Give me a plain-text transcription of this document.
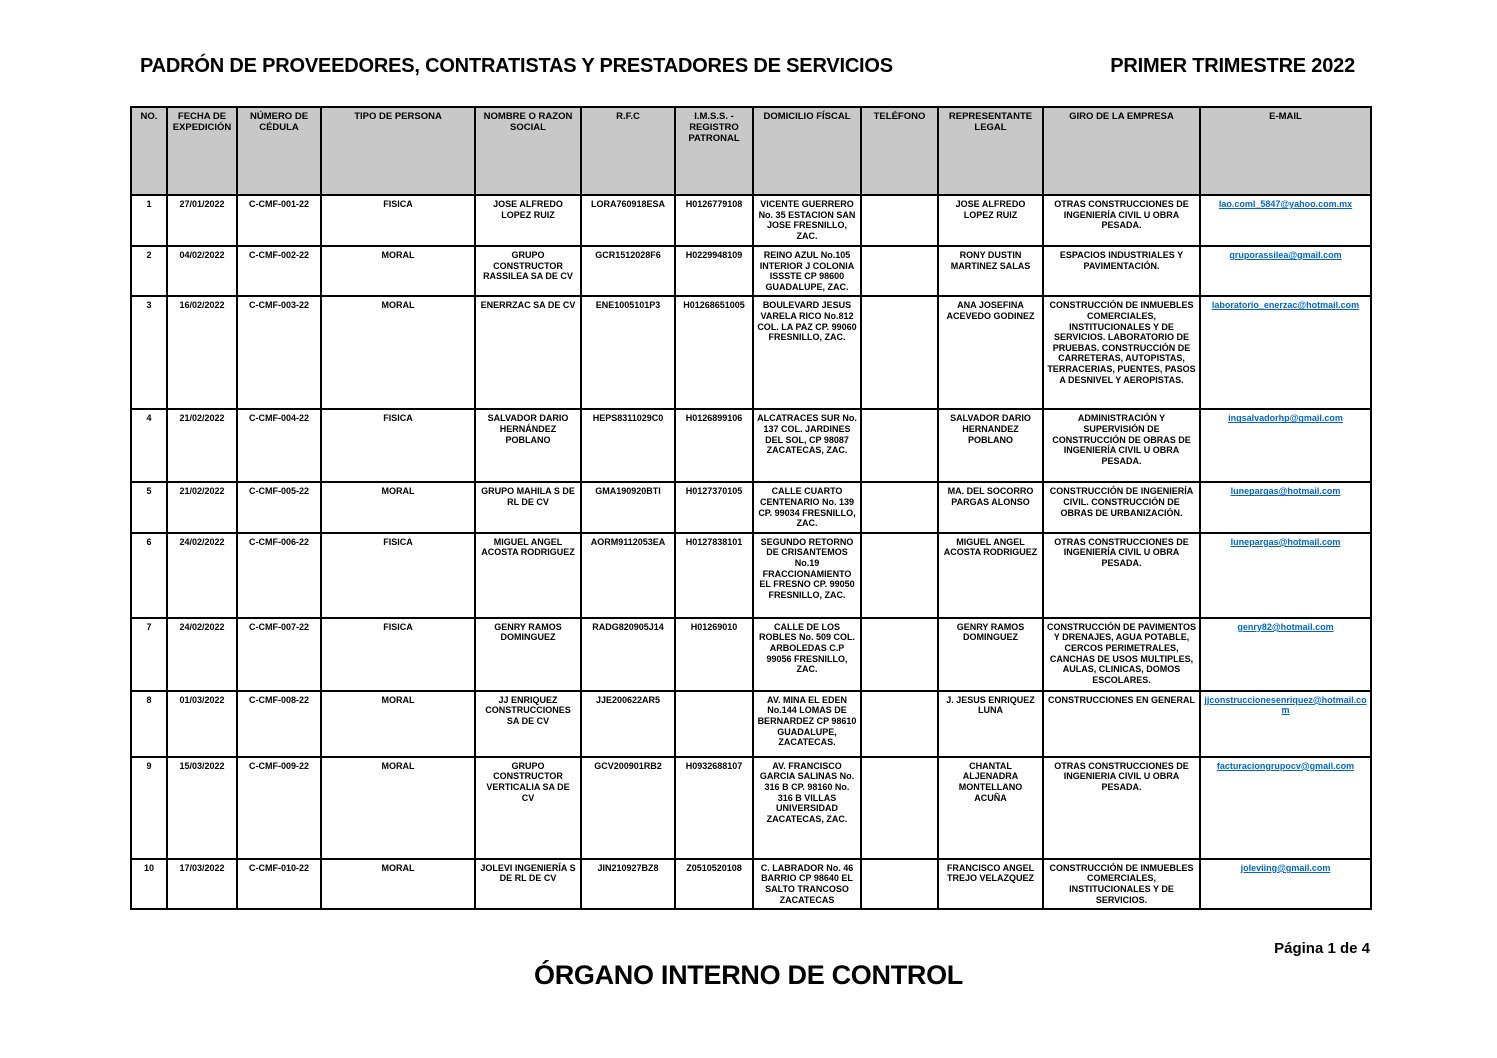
PADRÓN DE PROVEEDORES, CONTRATISTAS Y PRESTADORES DE SERVICIOS	PRIMER TRIMESTRE 2022
NO.	FECHA DE EXPEDICIÓN	NÚMERO DE CÉDULA	TIPO DE PERSONA	NOMBRE O RAZON SOCIAL	R.F.C	I.M.S.S. - REGISTRO PATRONAL	DOMICILIO FÍSCAL	TELÉFONO	REPRESENTANTE LEGAL	GIRO DE LA EMPRESA	E-MAIL
1	27/01/2022	C-CMF-001-22	FISICA	JOSE ALFREDO LOPEZ RUIZ	LORA760918ESA	H0126779108	VICENTE GUERRERO No. 35 ESTACION SAN JOSE FRESNILLO, ZAC.		JOSE ALFREDO LOPEZ RUIZ	OTRAS CONSTRUCCIONES DE INGENIERÍA CIVIL U OBRA PESADA.	lao.coml_5847@yahoo.com.mx
2	04/02/2022	C-CMF-002-22	MORAL	GRUPO CONSTRUCTOR RASSILEA SA DE CV	GCR1512028F6	H0229948109	REINO AZUL No.105 INTERIOR J COLONIA ISSSTE CP 98600 GUADALUPE, ZAC.		RONY DUSTIN MARTINEZ SALAS	ESPACIOS INDUSTRIALES Y PAVIMENTACIÓN.	gruporassilea@gmail.com
3	16/02/2022	C-CMF-003-22	MORAL	ENERRZAC SA DE CV	ENE1005101P3	H01268651005	BOULEVARD JESUS VARELA RICO No.812 COL. LA PAZ CP. 99060 FRESNILLO, ZAC.		ANA JOSEFINA ACEVEDO GODINEZ	CONSTRUCCIÓN DE INMUEBLES COMERCIALES, INSTITUCIONALES Y DE SERVICIOS. LABORATORIO DE PRUEBAS. CONSTRUCCIÓN DE CARRETERAS, AUTOPISTAS, TERRACERIAS, PUENTES, PASOS A DESNIVEL Y AEROPISTAS.	laboratorio_enerzac@hotmail.com
4	21/02/2022	C-CMF-004-22	FISICA	SALVADOR DARIO HERNÁNDEZ POBLANO	HEPS8311029C0	H0126899106	ALCATRACES SUR No. 137 COL. JARDINES DEL SOL, CP 98087 ZACATECAS, ZAC.		SALVADOR DARIO HERNANDEZ POBLANO	ADMINISTRACIÓN Y SUPERVISIÓN DE CONSTRUCCIÓN DE OBRAS DE INGENIERÍA CIVIL U OBRA PESADA.	ingsalvadorhp@gmail.com
5	21/02/2022	C-CMF-005-22	MORAL	GRUPO MAHILA S DE RL DE CV	GMA190920BTI	H0127370105	CALLE CUARTO CENTENARIO No. 139 CP. 99034 FRESNILLO, ZAC.		MA. DEL SOCORRO PARGAS ALONSO	CONSTRUCCIÓN DE INGENIERÍA CIVIL. CONSTRUCCIÓN DE OBRAS DE URBANIZACIÓN.	lunepargas@hotmail.com
6	24/02/2022	C-CMF-006-22	FISICA	MIGUEL ANGEL ACOSTA RODRIGUEZ	AORM9112053EA	H0127838101	SEGUNDO RETORNO DE CRISANTEMOS No.19 FRACCIONAMIENTO EL FRESNO CP. 99050 FRESNILLO, ZAC.		MIGUEL ANGEL ACOSTA RODRIGUEZ	OTRAS CONSTRUCCIONES DE INGENIERÍA CIVIL U OBRA PESADA.	lunepargas@hotmail.com
7	24/02/2022	C-CMF-007-22	FISICA	GENRY RAMOS DOMINGUEZ	RADG820905J14	H01269010	CALLE DE LOS ROBLES No. 509 COL. ARBOLEDAS C.P 99056 FRESNILLO, ZAC.		GENRY RAMOS DOMINGUEZ	CONSTRUCCIÓN DE PAVIMENTOS Y DRENAJES, AGUA POTABLE, CERCOS PERIMETRALES, CANCHAS DE USOS MULTIPLES, AULAS, CLINICAS, DOMOS ESCOLARES.	genry82@hotmail.com
8	01/03/2022	C-CMF-008-22	MORAL	JJ ENRIQUEZ CONSTRUCCIONES SA DE CV	JJE200622AR5		AV. MINA EL EDEN No.144 LOMAS DE BERNARDEZ CP 98610 GUADALUPE, ZACATECAS.		J. JESUS ENRIQUEZ LUNA	CONSTRUCCIONES EN GENERAL	jjconstruccionesenriquez@hotmail.com
9	15/03/2022	C-CMF-009-22	MORAL	GRUPO CONSTRUCTOR VERTICALIA SA DE CV	GCV200901RB2	H0932688107	AV. FRANCISCO GARCIA SALINAS No. 316 B CP. 98160 No. 316 B VILLAS UNIVERSIDAD ZACATECAS, ZAC.		CHANTAL ALJENADRA MONTELLANO ACUÑA	OTRAS CONSTRUCCIONES DE INGENIERIA CIVIL U OBRA PESADA.	facturaciongrupocv@gmail.com
10	17/03/2022	C-CMF-010-22	MORAL	JOLEVI INGENIERÍA S DE RL DE CV	JIN210927BZ8	Z0510520108	C. LABRADOR No. 46 BARRIO CP 98640 EL SALTO TRANCOSO ZACATECAS		FRANCISCO ANGEL TREJO VELAZQUEZ	CONSTRUCCIÓN DE INMUEBLES COMERCIALES, INSTITUCIONALES Y DE SERVICIOS.	joleviing@gmail.com
Página 1 de 4
ÓRGANO INTERNO DE CONTROL
